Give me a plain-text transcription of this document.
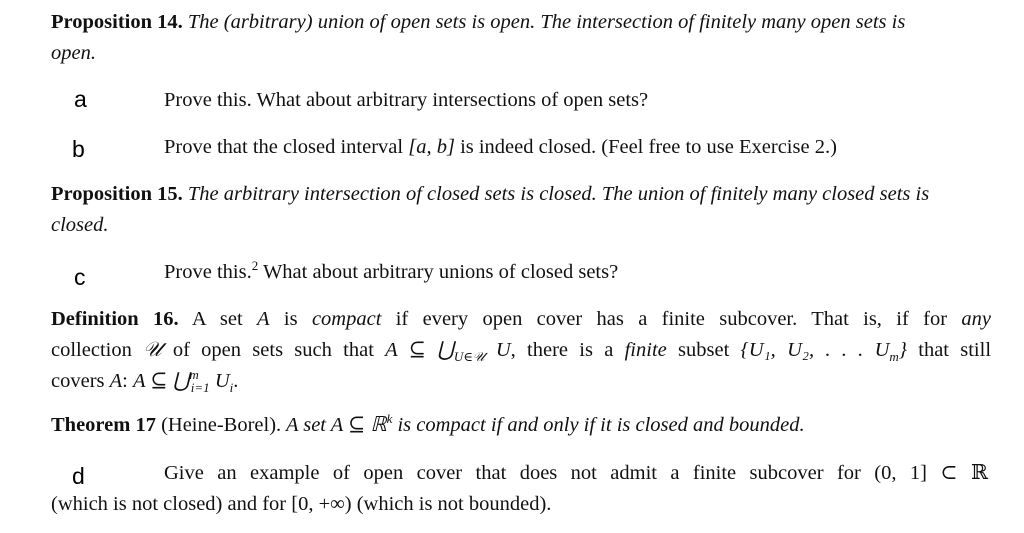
Proposition 14. The (arbitrary) union of open sets is open. The intersection of finitely many open sets is
open.
a	Prove this. What about arbitrary intersections of open sets?
b	Prove that the closed interval [a, b] is indeed closed. (Feel free to use Exercise 2.)
Proposition 15. The arbitrary intersection of closed sets is closed. The union of finitely many closed sets is
closed.
c	Prove this.$^2$ What about arbitrary unions of closed sets?
Definition 16. A set A is compact if every open cover has a finite subcover. That is, if for any
collection 𝒰 of open sets such that A ⊆ $⋃_{U\in 𝒰}$ U, there is a finite subset {U₁, U₂, . . . $U_m$} that still
covers A: A ⊆ ⋃$^m_{i=1}$ $U_i$.
Theorem 17 (Heine-Borel). A set A ⊆ ℝ$^k$ is compact if and only if it is closed and bounded.
d	Give an example of open cover that does not admit a finite subcover for (0, 1] ⊂ ℝ
(which is not closed) and for [0, +∞) (which is not bounded).
